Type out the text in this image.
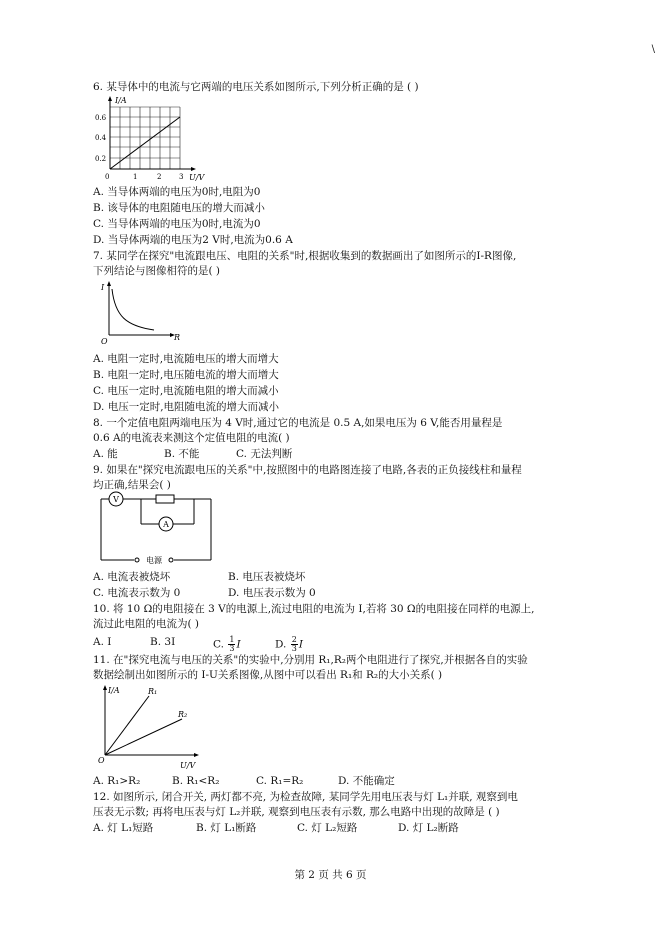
\
6. 某导体中的电流与它两端的电压关系如图所示,下列分析正确的是 ( )
I/A
0.6
0.4
0.2
0	1	2	3 U/V
A. 当导体两端的电压为0时,电阻为0
B. 该导体的电阻随电压的增大而减小
C. 当导体两端的电压为0时,电流为0
D. 当导体两端的电压为2 V时,电流为0.6 A
7. 某同学在探究"电流跟电压、电阻的关系"时,根据收集到的数据画出了如图所示的I-R图像,
下列结论与图像相符的是( )
I
R
O
A. 电阻一定时,电流随电压的增大而增大
B. 电阻一定时,电压随电流的增大而增大
C. 电压一定时,电流随电阻的增大而减小
D. 电压一定时,电阻随电流的增大而减小
8. 一个定值电阻两端电压为 4 V时,通过它的电流是 0.5 A,如果电压为 6 V,能否用量程是
0.6 A的电流表来测这个定值电阻的电流( )
A. 能	B. 不能	C. 无法判断
9. 如果在"探究电流跟电压的关系"中,按照图中的电路图连接了电路,各表的正负接线柱和量程
均正确,结果会( )
V
A
电源
A. 电流表被烧坏	B. 电压表被烧坏
C. 电流表示数为 0	D. 电压表示数为 0
10. 将 10 Ω的电阻接在 3 V的电源上,流过电阻的电流为 I,若将 30 Ω的电阻接在同样的电源上,
流过此电阻的电流为( )
A. I	B. 3I	C. $\frac{1}{3}$ I	D. $\frac{2}{3}$ I
11. 在"探究电流与电压的关系"的实验中,分别用 R₁,R₂两个电阻进行了探究,并根据各自的实验
数据绘制出如图所示的 I-U关系图像,从图中可以看出 R₁和 R₂的大小关系( )
I/A	R₁
R₂
O
U/V
A. R₁>R₂	B. R₁<R₂	C. R₁=R₂	D. 不能确定
12. 如图所示, 闭合开关, 两灯都不亮, 为检查故障, 某同学先用电压表与灯 L₁并联, 观察到电
压表无示数; 再将电压表与灯 L₂并联, 观察到电压表有示数, 那么电路中出现的故障是 ( )
A. 灯 L₁短路	B. 灯 L₁断路	C. 灯 L₂短路	D. 灯 L₂断路
第 2 页 共 6 页
